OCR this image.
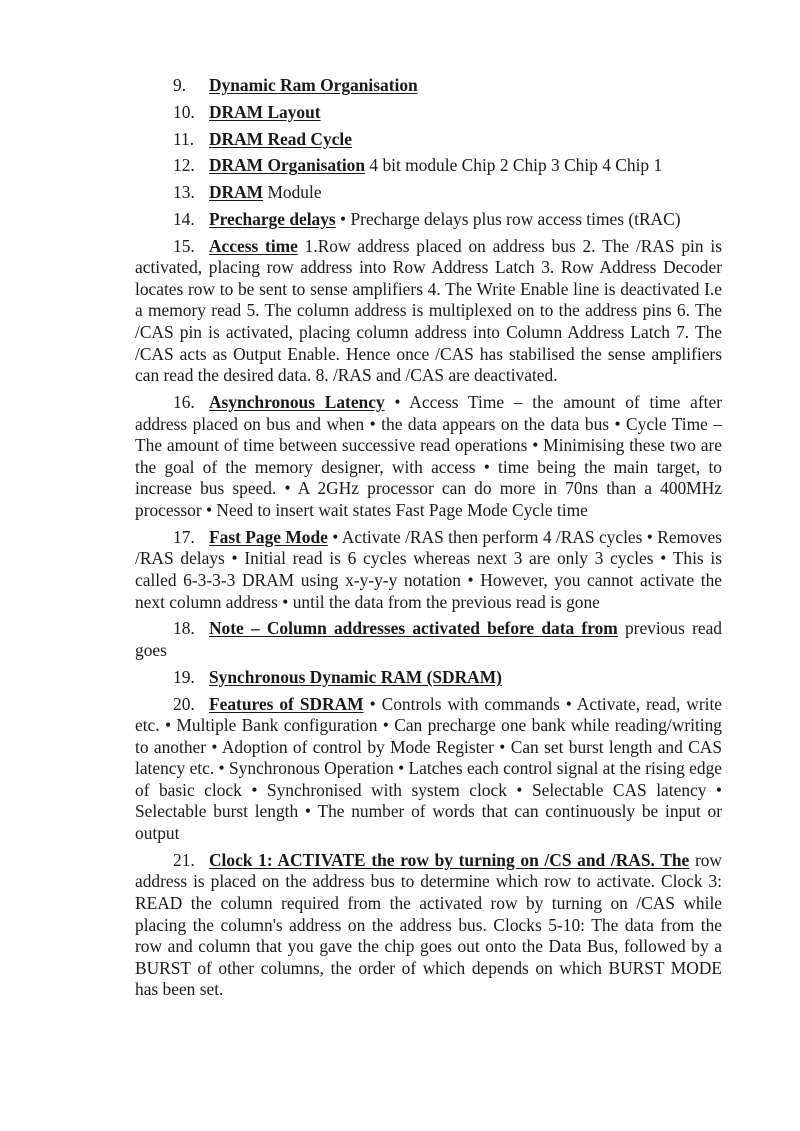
9. Dynamic Ram Organisation

10. DRAM Layout

11. DRAM Read Cycle

12. DRAM Organisation 4 bit module Chip 2 Chip 3 Chip 4 Chip 1

13. DRAM Module

14. Precharge delays • Precharge delays plus row access times (tRAC)

15. Access time 1.Row address placed on address bus 2. The /RAS pin is activated, placing row address into Row Address Latch 3. Row Address Decoder locates row to be sent to sense amplifiers 4. The Write Enable line is deactivated I.e a memory read 5. The column address is multiplexed on to the address pins 6. The /CAS pin is activated, placing column address into Column Address Latch 7. The /CAS acts as Output Enable. Hence once /CAS has stabilised the sense amplifiers can read the desired data. 8. /RAS and /CAS are deactivated.

16. Asynchronous Latency • Access Time – the amount of time after address placed on bus and when • the data appears on the data bus • Cycle Time – The amount of time between successive read operations • Minimising these two are the goal of the memory designer, with access • time being the main target, to increase bus speed. • A 2GHz processor can do more in 70ns than a 400MHz processor • Need to insert wait states Fast Page Mode Cycle time

17. Fast Page Mode • Activate /RAS then perform 4 /RAS cycles • Removes /RAS delays • Initial read is 6 cycles whereas next 3 are only 3 cycles • This is called 6-3-3-3 DRAM using x-y-y-y notation • However, you cannot activate the next column address • until the data from the previous read is gone

18. Note – Column addresses activated before data from previous read goes

19. Synchronous Dynamic RAM (SDRAM)

20. Features of SDRAM • Controls with commands • Activate, read, write etc. • Multiple Bank configuration • Can precharge one bank while reading/writing to another • Adoption of control by Mode Register • Can set burst length and CAS latency etc. • Synchronous Operation • Latches each control signal at the rising edge of basic clock • Synchronised with system clock • Selectable CAS latency • Selectable burst length • The number of words that can continuously be input or output

21. Clock 1: ACTIVATE the row by turning on /CS and /RAS. The row address is placed on the address bus to determine which row to activate. Clock 3: READ the column required from the activated row by turning on /CAS while placing the column's address on the address bus. Clocks 5-10: The data from the row and column that you gave the chip goes out onto the Data Bus, followed by a BURST of other columns, the order of which depends on which BURST MODE has been set.
